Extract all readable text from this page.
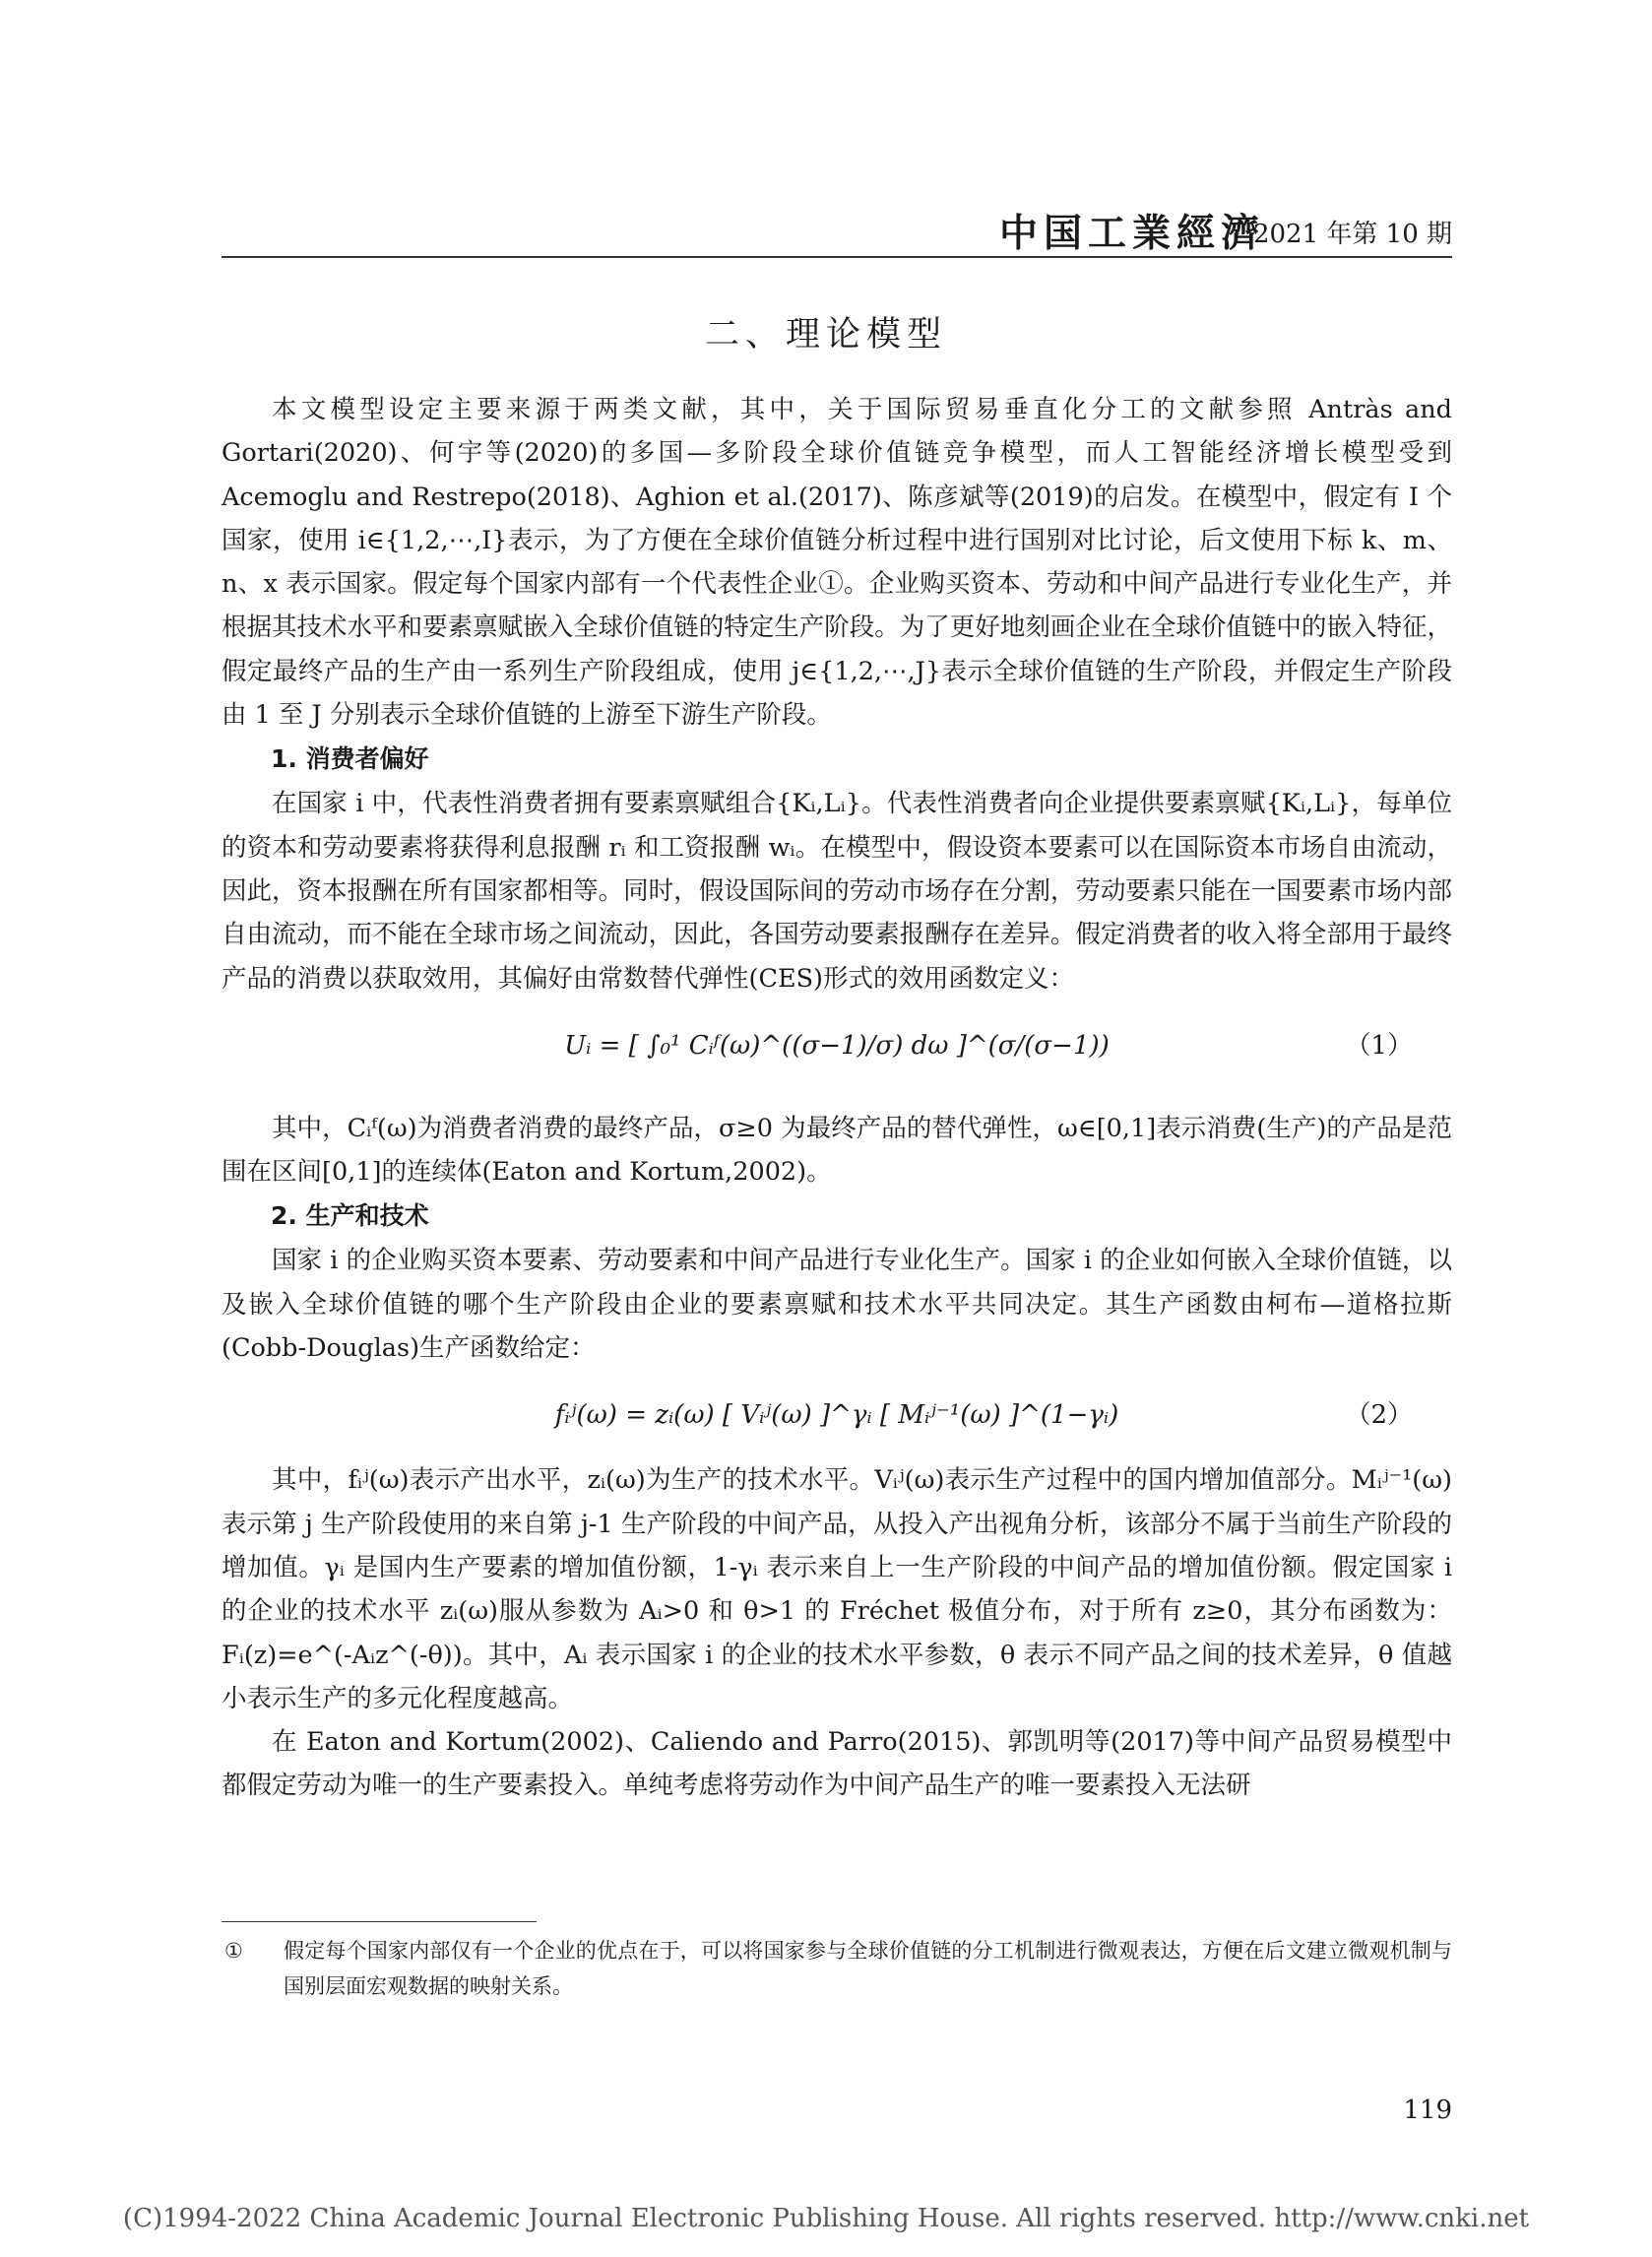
中国工業經濟
2021 年第 10 期
二、理论模型

本文模型设定主要来源于两类文献，其中，关于国际贸易垂直化分工的文献参照 Antràs and Gortari(2020)、何宇等(2020)的多国—多阶段全球价值链竞争模型，而人工智能经济增长模型受到 Acemoglu and Restrepo(2018)、Aghion et al.(2017)、陈彦斌等(2019)的启发。在模型中，假定有 I 个国家，使用 i∈{1,2,⋯,I}表示，为了方便在全球价值链分析过程中进行国别对比讨论，后文使用下标 k、m、n、x 表示国家。假定每个国家内部有一个代表性企业①。企业购买资本、劳动和中间产品进行专业化生产，并根据其技术水平和要素禀赋嵌入全球价值链的特定生产阶段。为了更好地刻画企业在全球价值链中的嵌入特征，假定最终产品的生产由一系列生产阶段组成，使用 j∈{1,2,⋯,J}表示全球价值链的生产阶段，并假定生产阶段由 1 至 J 分别表示全球价值链的上游至下游生产阶段。

1. 消费者偏好

在国家 i 中，代表性消费者拥有要素禀赋组合{Kᵢ,Lᵢ}。代表性消费者向企业提供要素禀赋{Kᵢ,Lᵢ}，每单位的资本和劳动要素将获得利息报酬 rᵢ 和工资报酬 wᵢ。在模型中，假设资本要素可以在国际资本市场自由流动，因此，资本报酬在所有国家都相等。同时，假设国际间的劳动市场存在分割，劳动要素只能在一国要素市场内部自由流动，而不能在全球市场之间流动，因此，各国劳动要素报酬存在差异。假定消费者的收入将全部用于最终产品的消费以获取效用，其偏好由常数替代弹性(CES)形式的效用函数定义：

Uᵢ = [ ∫₀¹ Cᵢᶠ(ω)^((σ−1)/σ) dω ]^(σ/(σ−1))	（1）

其中，Cᵢᶠ(ω)为消费者消费的最终产品，σ≥0 为最终产品的替代弹性，ω∈[0,1]表示消费(生产)的产品是范围在区间[0,1]的连续体(Eaton and Kortum,2002)。

2. 生产和技术

国家 i 的企业购买资本要素、劳动要素和中间产品进行专业化生产。国家 i 的企业如何嵌入全球价值链，以及嵌入全球价值链的哪个生产阶段由企业的要素禀赋和技术水平共同决定。其生产函数由柯布—道格拉斯(Cobb-Douglas)生产函数给定：

fᵢʲ(ω) = zᵢ(ω) [ Vᵢʲ(ω) ]^γᵢ [ Mᵢʲ⁻¹(ω) ]^(1−γᵢ)	（2）

其中，fᵢʲ(ω)表示产出水平，zᵢ(ω)为生产的技术水平。Vᵢʲ(ω)表示生产过程中的国内增加值部分。Mᵢʲ⁻¹(ω)表示第 j 生产阶段使用的来自第 j-1 生产阶段的中间产品，从投入产出视角分析，该部分不属于当前生产阶段的增加值。γᵢ 是国内生产要素的增加值份额，1-γᵢ 表示来自上一生产阶段的中间产品的增加值份额。假定国家 i 的企业的技术水平 zᵢ(ω)服从参数为 Aᵢ>0 和 θ>1 的 Fréchet 极值分布，对于所有 z≥0，其分布函数为：Fᵢ(z)=e^(-Aᵢz^(-θ))。其中，Aᵢ 表示国家 i 的企业的技术水平参数，θ 表示不同产品之间的技术差异，θ 值越小表示生产的多元化程度越高。

在 Eaton and Kortum(2002)、Caliendo and Parro(2015)、郭凯明等(2017)等中间产品贸易模型中都假定劳动为唯一的生产要素投入。单纯考虑将劳动作为中间产品生产的唯一要素投入无法研

① 假定每个国家内部仅有一个企业的优点在于，可以将国家参与全球价值链的分工机制进行微观表达，方便在后文建立微观机制与国别层面宏观数据的映射关系。
119
(C)1994-2022 China Academic Journal Electronic Publishing House. All rights reserved. http://www.cnki.net
